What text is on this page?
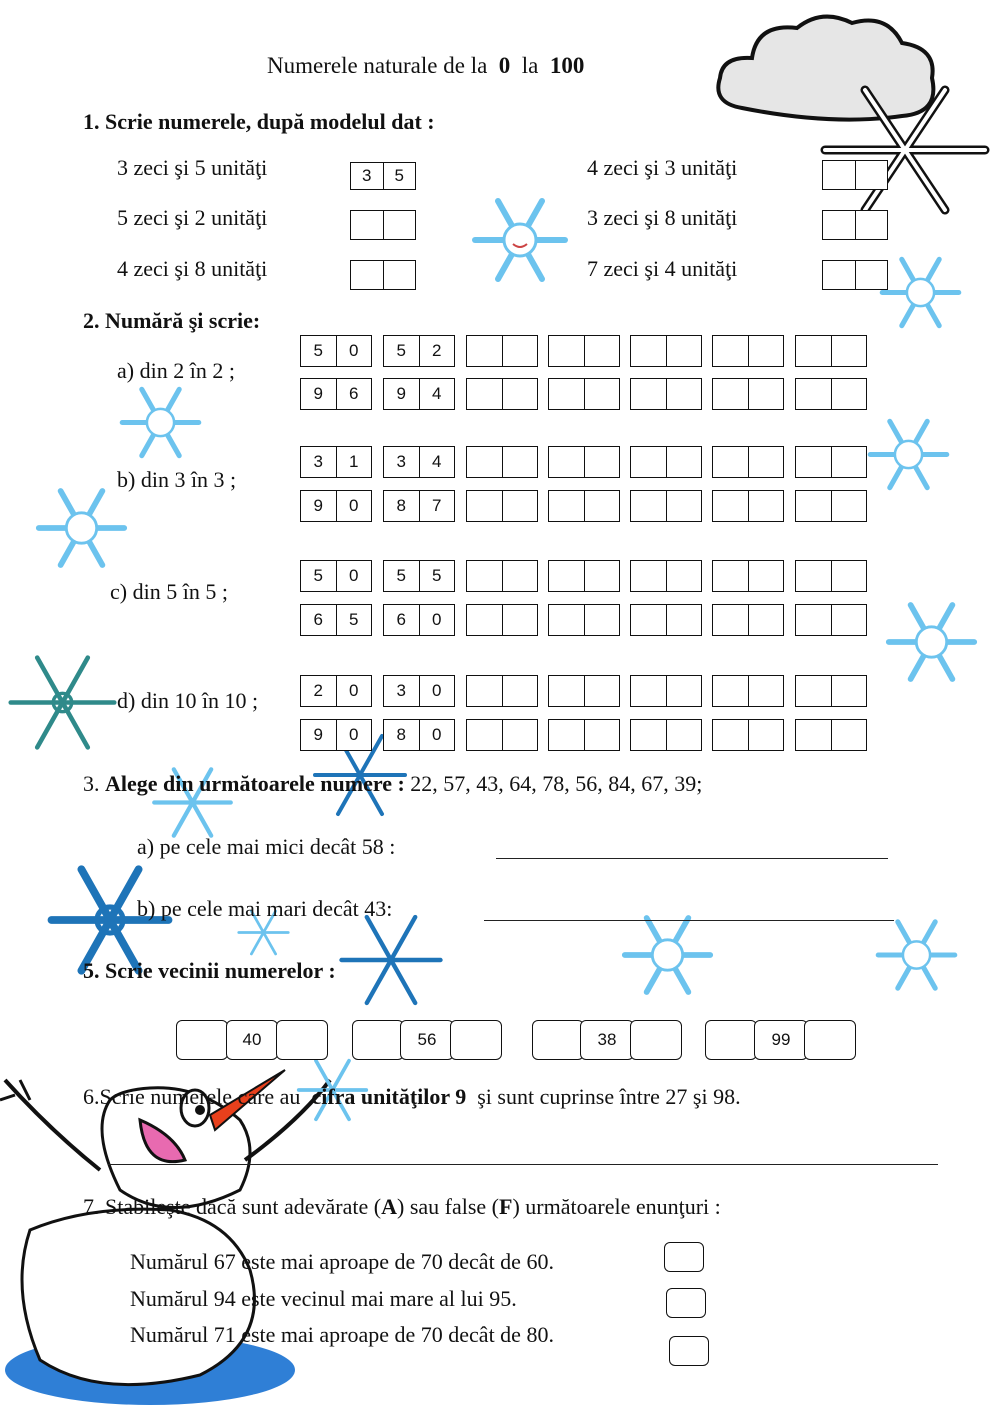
Numerele naturale de la 0 la 100
1. Scrie numerele, după modelul dat :
3 zeci şi 5 unităţi	3	5
5 zeci şi 2 unităţi
4 zeci şi 8 unităţi
4 zeci şi 3 unităţi
3 zeci şi 8 unităţi
7 zeci şi 4 unităţi
2. Numără şi scrie:
a) din 2 în 2 ;
b) din 3 în 3 ;
c) din 5 în 5 ;
d) din 10 în 10 ;
5	0	5	2
9	6	9	4
3	1	3	4
9	0	8	7
5	0	5	5
6	5	6	0
2	0	3	0
9	0	8	0
3. Alege din următoarele numere : 22, 57, 43, 64, 78, 56, 84, 67, 39;
a) pe cele mai mici decât 58 :
b) pe cele mai mari decât 43:
5. Scrie vecinii numerelor :
40	56	38	99
6.Scrie numerele care au cifra unităţilor 9 şi sunt cuprinse între 27 şi 98.
7. Stabileşte dacă sunt adevărate (A) sau false (F) următoarele enunţuri :
Numărul 67 este mai aproape de 70 decât de 60.
Numărul 94 este vecinul mai mare al lui 95.
Numărul 71 este mai aproape de 70 decât de 80.
